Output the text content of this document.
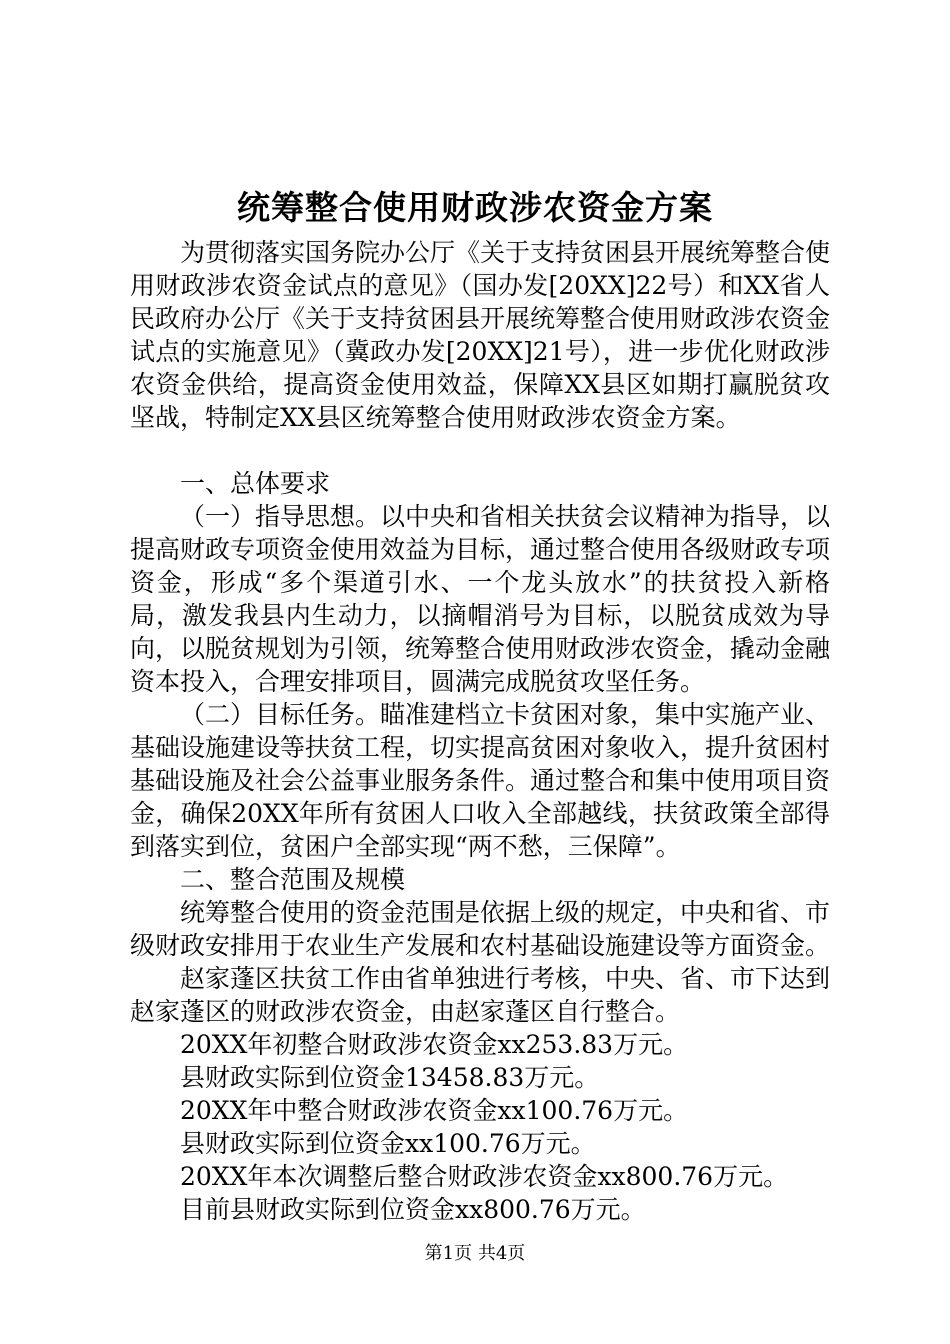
统筹整合使用财政涉农资金方案

为贯彻落实国务院办公厅《关于支持贫困县开展统筹整合使用财政涉农资金试点的意见》（国办发[20XX]22号）和XX省人民政府办公厅《关于支持贫困县开展统筹整合使用财政涉农资金试点的实施意见》（冀政办发[20XX]21号），进一步优化财政涉农资金供给，提高资金使用效益，保障XX县区如期打赢脱贫攻坚战，特制定XX县区统筹整合使用财政涉农资金方案。

一、总体要求

（一）指导思想。以中央和省相关扶贫会议精神为指导，以提高财政专项资金使用效益为目标，通过整合使用各级财政专项资金，形成“多个渠道引水、一个龙头放水”的扶贫投入新格局，激发我县内生动力，以摘帽消号为目标，以脱贫成效为导向，以脱贫规划为引领，统筹整合使用财政涉农资金，撬动金融资本投入，合理安排项目，圆满完成脱贫攻坚任务。

（二）目标任务。瞄准建档立卡贫困对象，集中实施产业、基础设施建设等扶贫工程，切实提高贫困对象收入，提升贫困村基础设施及社会公益事业服务条件。通过整合和集中使用项目资金，确保20XX年所有贫困人口收入全部越线，扶贫政策全部得到落实到位，贫困户全部实现“两不愁，三保障”。

二、整合范围及规模

统筹整合使用的资金范围是依据上级的规定，中央和省、市级财政安排用于农业生产发展和农村基础设施建设等方面资金。

赵家蓬区扶贫工作由省单独进行考核，中央、省、市下达到赵家蓬区的财政涉农资金，由赵家蓬区自行整合。

20XX年初整合财政涉农资金xx253.83万元。

县财政实际到位资金13458.83万元。

20XX年中整合财政涉农资金xx100.76万元。

县财政实际到位资金xx100.76万元。

20XX年本次调整后整合财政涉农资金xx800.76万元。

目前县财政实际到位资金xx800.76万元。

第1页 共4页
